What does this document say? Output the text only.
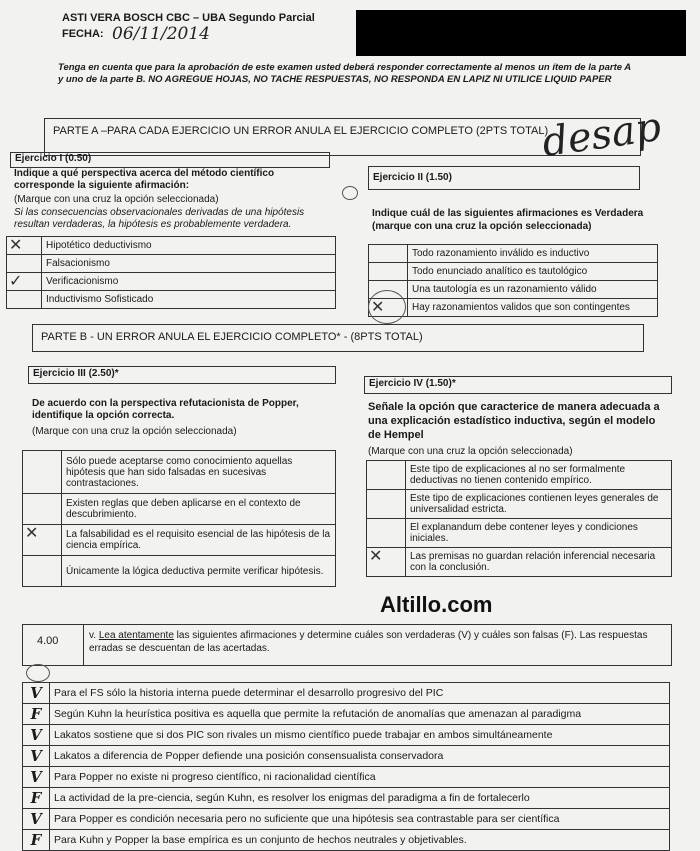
ASTI VERA BOSCH CBC – UBA Segundo Parcial
FECHA: 06/11/2014
Tenga en cuenta que para la aprobación de este examen usted deberá responder correctamente al menos un ítem de la parte A y uno de la parte B. NO AGREGUE HOJAS, NO TACHE RESPUESTAS, NO RESPONDA EN LAPIZ NI UTILICE LIQUID PAPER
PARTE A –PARA CADA EJERCICIO UN ERROR ANULA EL EJERCICIO COMPLETO (2PTS TOTAL)
desap
Ejercicio I (0.50)
Indique a qué perspectiva acerca del método científico corresponde la siguiente afirmación:
(Marque con una cruz la opción seleccionada)
Si las consecuencias observacionales derivadas de una hipótesis resultan verdaderas, la hipótesis es probablemente verdadera.
✕	Hipotético deductivismo

	Falsacionismo

✓	Verificacionismo

	Inductivismo Sofisticado
Ejercicio II (1.50)
Indique cuál de las siguientes afirmaciones es Verdadera
(marque con una cruz la opción seleccionada)
	Todo razonamiento inválido es inductivo

	Todo enunciado analítico es tautológico

	Una tautología es un razonamiento válido

✕	Hay razonamientos validos que son contingentes
PARTE B - UN ERROR ANULA EL EJERCICIO COMPLETO* - (8PTS TOTAL)
Ejercicio III (2.50)*
De acuerdo con la perspectiva refutacionista de Popper, identifique la opción correcta.
(Marque con una cruz la opción seleccionada)
	Sólo puede aceptarse como conocimiento aquellas hipótesis que han sido falsadas en sucesivas contrastaciones.

	Existen reglas que deben aplicarse en el contexto de descubrimiento.

✕	La falsabilidad es el requisito esencial de las hipótesis de la ciencia empírica.

	Únicamente la lógica deductiva permite verificar hipótesis.
Ejercicio IV (1.50)*
Señale la opción que caracterice de manera adecuada a una explicación estadístico inductiva, según el modelo de Hempel
(Marque con una cruz la opción seleccionada)
	Este tipo de explicaciones al no ser formalmente deductivas no tienen contenido empírico.

	Este tipo de explicaciones contienen leyes generales de universalidad estricta.

	El explanandum debe contener leyes y condiciones iniciales.

✕	Las premisas no guardan relación inferencial necesaria con la conclusión.
Altillo.com
4.00	v. Lea atentamente las siguientes afirmaciones y determine cuáles son verdaderas (V) y cuáles son falsas (F). Las respuestas erradas se descuentan de las acertadas.
V	Para el FS sólo la historia interna puede determinar el desarrollo progresivo del PIC
F	Según Kuhn la heurística positiva es aquella que permite la refutación de anomalías que amenazan al paradigma
V	Lakatos sostiene que si dos PIC son rivales un mismo científico puede trabajar en ambos simultáneamente
V	Lakatos a diferencia de Popper defiende una posición consensualista conservadora
V	Para Popper no existe ni progreso científico, ni racionalidad científica
F	La actividad de la pre-ciencia, según Kuhn, es resolver los enigmas del paradigma a fin de fortalecerlo
V	Para Popper es condición necesaria pero no suficiente que una hipótesis sea contrastable para ser científica
F	Para Kuhn y Popper la base empírica es un conjunto de hechos neutrales y objetivables.
